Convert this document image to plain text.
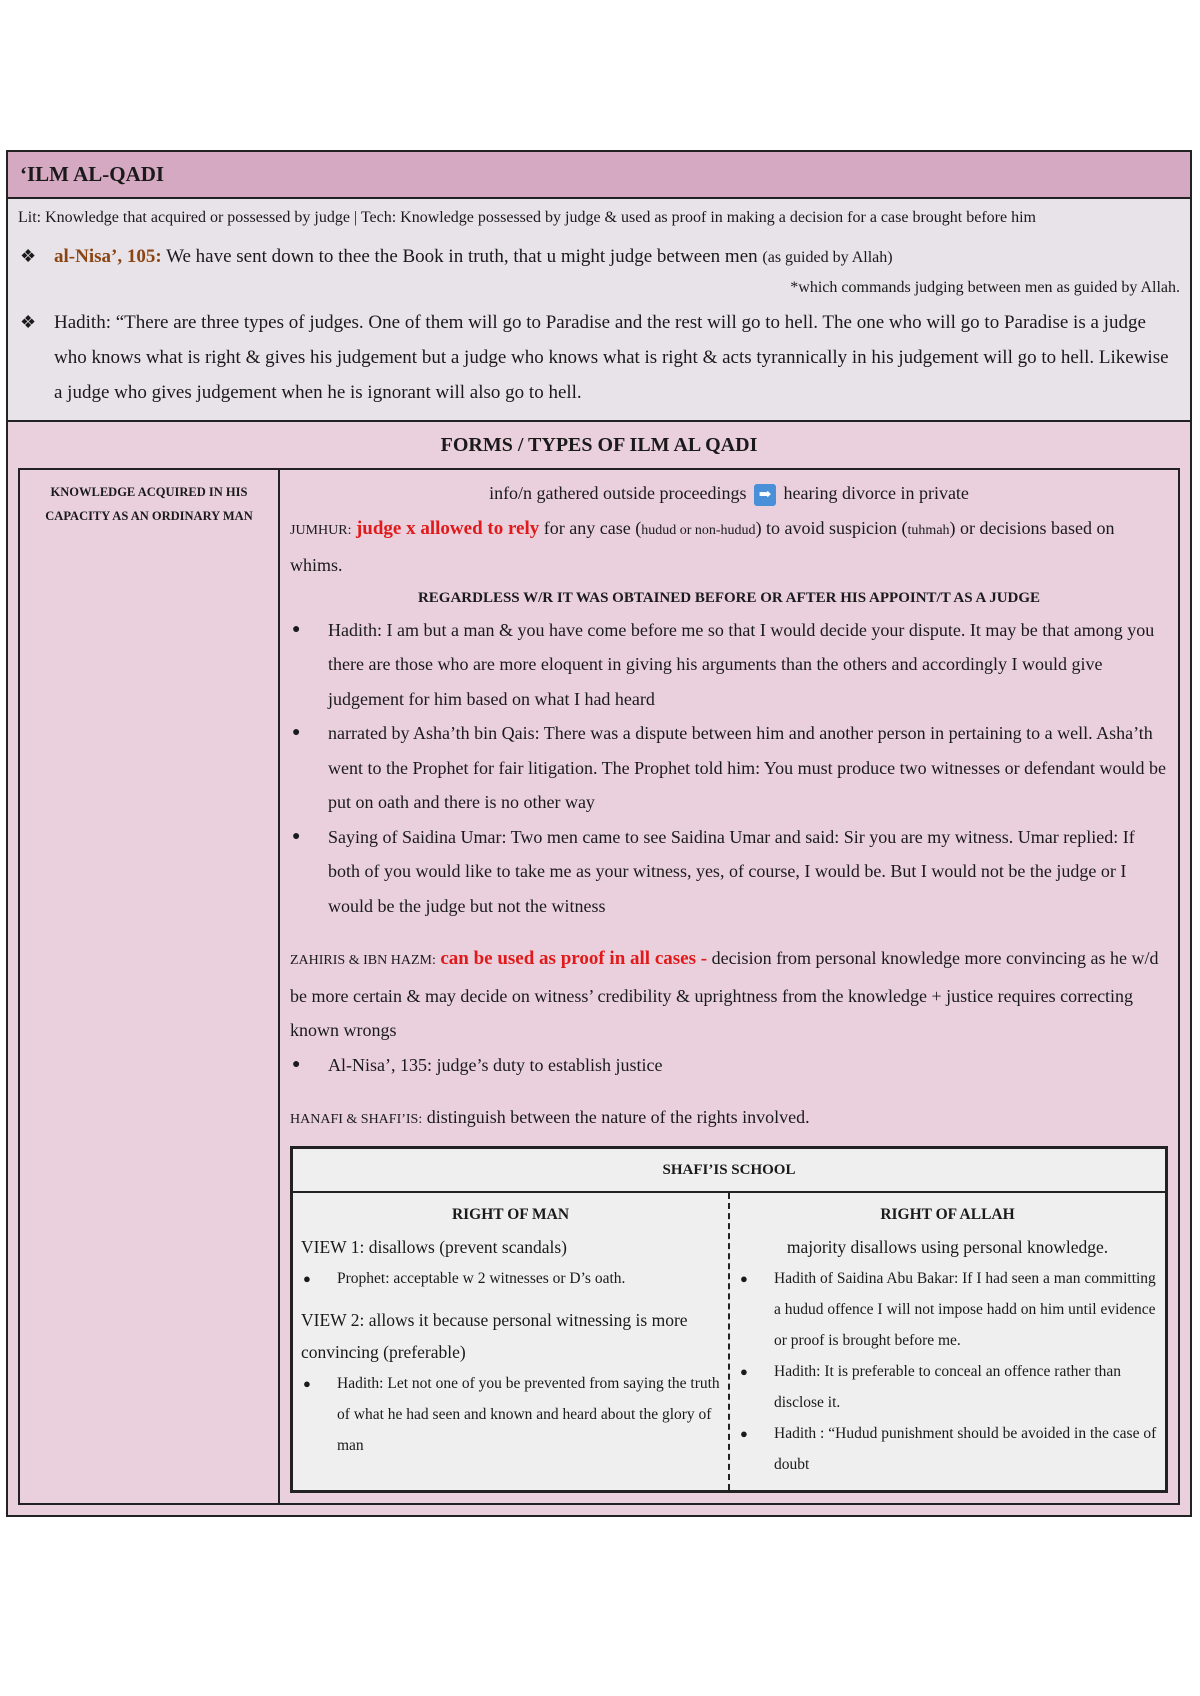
‘ILM AL-QADI
Lit: Knowledge that acquired or possessed by judge | Tech: Knowledge possessed by judge & used as proof in making a decision for a case brought before him
❖ al-Nisa’, 105: We have sent down to thee the Book in truth, that u might judge between men (as guided by Allah)
*which commands judging between men as guided by Allah.
❖ Hadith: “There are three types of judges. One of them will go to Paradise and the rest will go to hell. The one who will go to Paradise is a judge who knows what is right & gives his judgement but a judge who knows what is right & acts tyrannically in his judgement will go to hell. Likewise a judge who gives judgement when he is ignorant will also go to hell.
FORMS / TYPES OF ILM AL QADI
KNOWLEDGE ACQUIRED IN HIS CAPACITY AS AN ORDINARY MAN
info/n gathered outside proceedings ➡ hearing divorce in private
JUMHUR: judge x allowed to rely for any case (hudud or non-hudud) to avoid suspicion (tuhmah) or decisions based on whims.
REGARDLESS W/R IT WAS OBTAINED BEFORE OR AFTER HIS APPOINT/T AS A JUDGE
●	Hadith: I am but a man & you have come before me so that I would decide your dispute. It may be that among you there are those who are more eloquent in giving his arguments than the others and accordingly I would give judgement for him based on what I had heard
●	narrated by Asha’th bin Qais: There was a dispute between him and another person in pertaining to a well. Asha’th went to the Prophet for fair litigation. The Prophet told him: You must produce two witnesses or defendant would be put on oath and there is no other way
●	Saying of Saidina Umar: Two men came to see Saidina Umar and said: Sir you are my witness. Umar replied: If both of you would like to take me as your witness, yes, of course, I would be. But I would not be the judge or I would be the judge but not the witness
ZAHIRIS & IBN HAZM: can be used as proof in all cases - decision from personal knowledge more convincing as he w/d be more certain & may decide on witness’ credibility & uprightness from the knowledge + justice requires correcting known wrongs
●	Al-Nisa’, 135: judge’s duty to establish justice
HANAFI & SHAFI’IS: distinguish between the nature of the rights involved.
SHAFI’IS SCHOOL
RIGHT OF MAN
VIEW 1: disallows (prevent scandals)
●	Prophet: acceptable w 2 witnesses or D’s oath.
VIEW 2: allows it because personal witnessing is more convincing (preferable)
●	Hadith: Let not one of you be prevented from saying the truth of what he had seen and known and heard about the glory of man
RIGHT OF ALLAH
majority disallows using personal knowledge.
●	Hadith of Saidina Abu Bakar: If I had seen a man committing a hudud offence I will not impose hadd on him until evidence or proof is brought before me.
●	Hadith: It is preferable to conceal an offence rather than disclose it.
●	Hadith : “Hudud punishment should be avoided in the case of doubt
